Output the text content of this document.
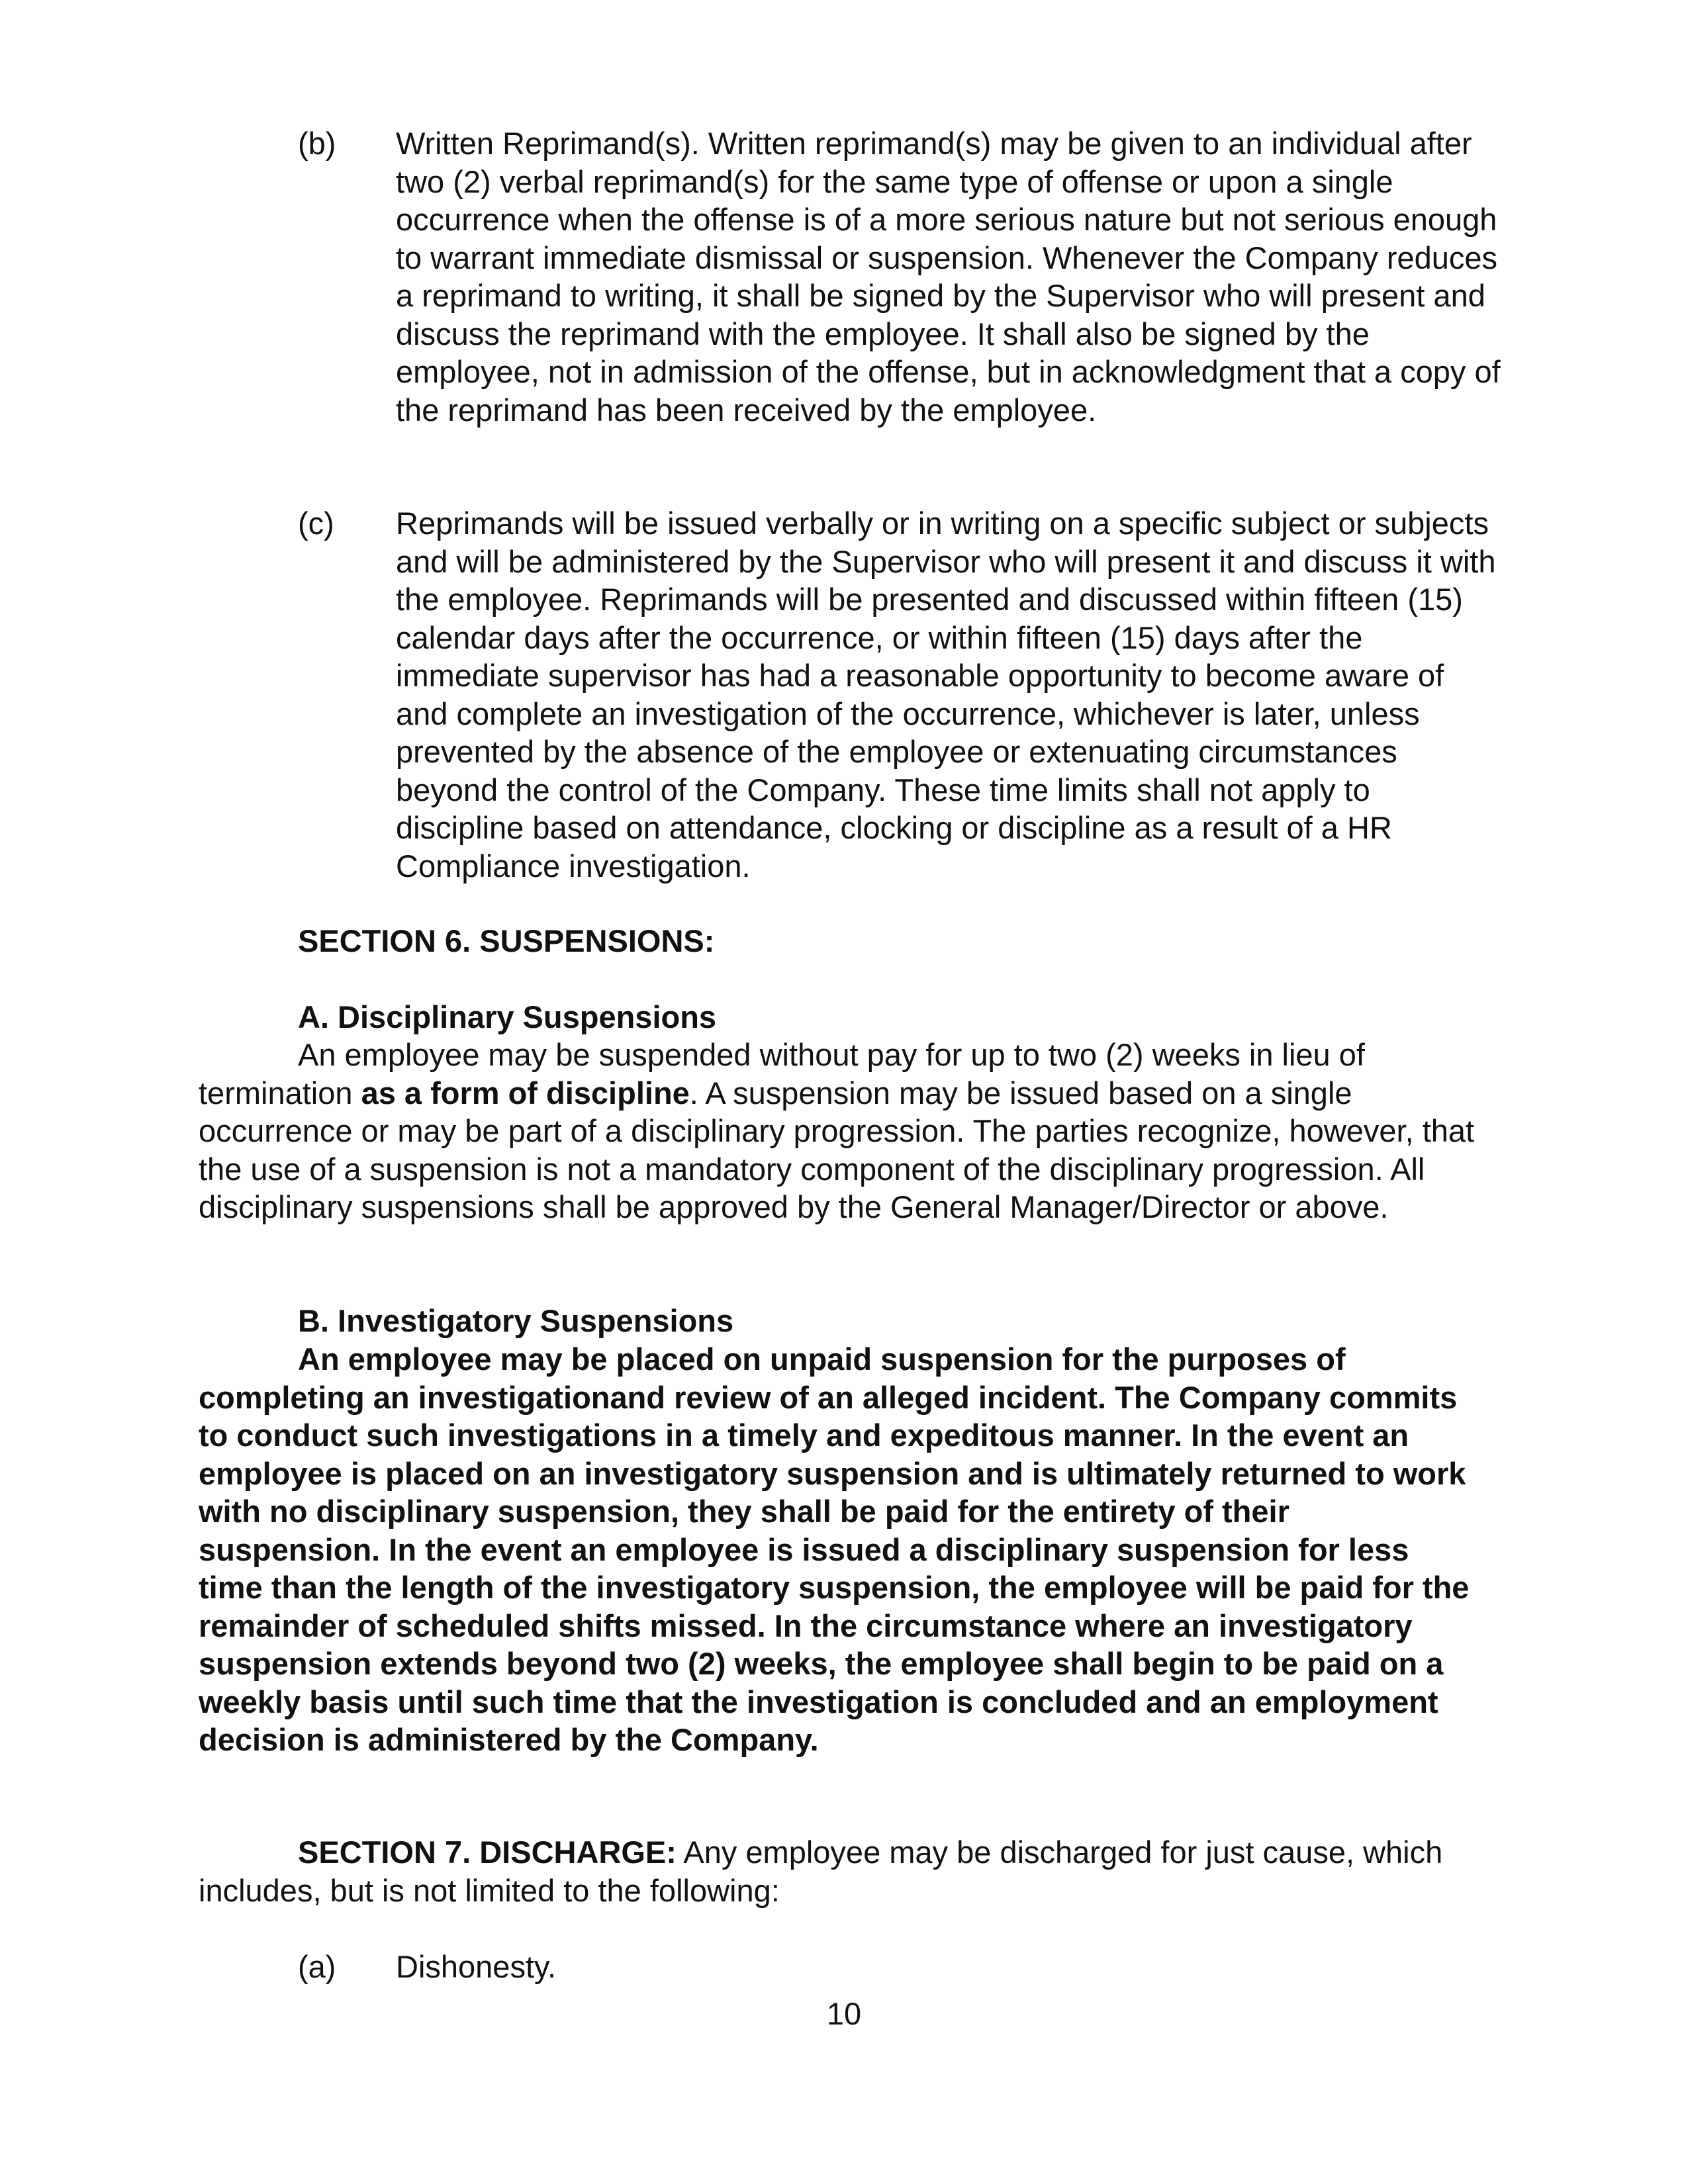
(b) Written Reprimand(s). Written reprimand(s) may be given to an individual after two (2) verbal reprimand(s) for the same type of offense or upon a single occurrence when the offense is of a more serious nature but not serious enough to warrant immediate dismissal or suspension. Whenever the Company reduces a reprimand to writing, it shall be signed by the Supervisor who will present and discuss the reprimand with the employee. It shall also be signed by the employee, not in admission of the offense, but in acknowledgment that a copy of the reprimand has been received by the employee.
(c) Reprimands will be issued verbally or in writing on a specific subject or subjects and will be administered by the Supervisor who will present it and discuss it with the employee. Reprimands will be presented and discussed within fifteen (15) calendar days after the occurrence, or within fifteen (15) days after the immediate supervisor has had a reasonable opportunity to become aware of and complete an investigation of the occurrence, whichever is later, unless prevented by the absence of the employee or extenuating circumstances beyond the control of the Company. These time limits shall not apply to discipline based on attendance, clocking or discipline as a result of a HR Compliance investigation.
SECTION 6. SUSPENSIONS:
A. Disciplinary Suspensions
An employee may be suspended without pay for up to two (2) weeks in lieu of termination as a form of discipline. A suspension may be issued based on a single occurrence or may be part of a disciplinary progression. The parties recognize, however, that the use of a suspension is not a mandatory component of the disciplinary progression. All disciplinary suspensions shall be approved by the General Manager/Director or above.
B. Investigatory Suspensions
An employee may be placed on unpaid suspension for the purposes of completing an investigationand review of an alleged incident. The Company commits to conduct such investigations in a timely and expeditous manner. In the event an employee is placed on an investigatory suspension and is ultimately returned to work with no disciplinary suspension, they shall be paid for the entirety of their suspension. In the event an employee is issued a disciplinary suspension for less time than the length of the investigatory suspension, the employee will be paid for the remainder of scheduled shifts missed. In the circumstance where an investigatory suspension extends beyond two (2) weeks, the employee shall begin to be paid on a weekly basis until such time that the investigation is concluded and an employment decision is administered by the Company.
SECTION 7. DISCHARGE: Any employee may be discharged for just cause, which includes, but is not limited to the following:
(a) Dishonesty.
10
